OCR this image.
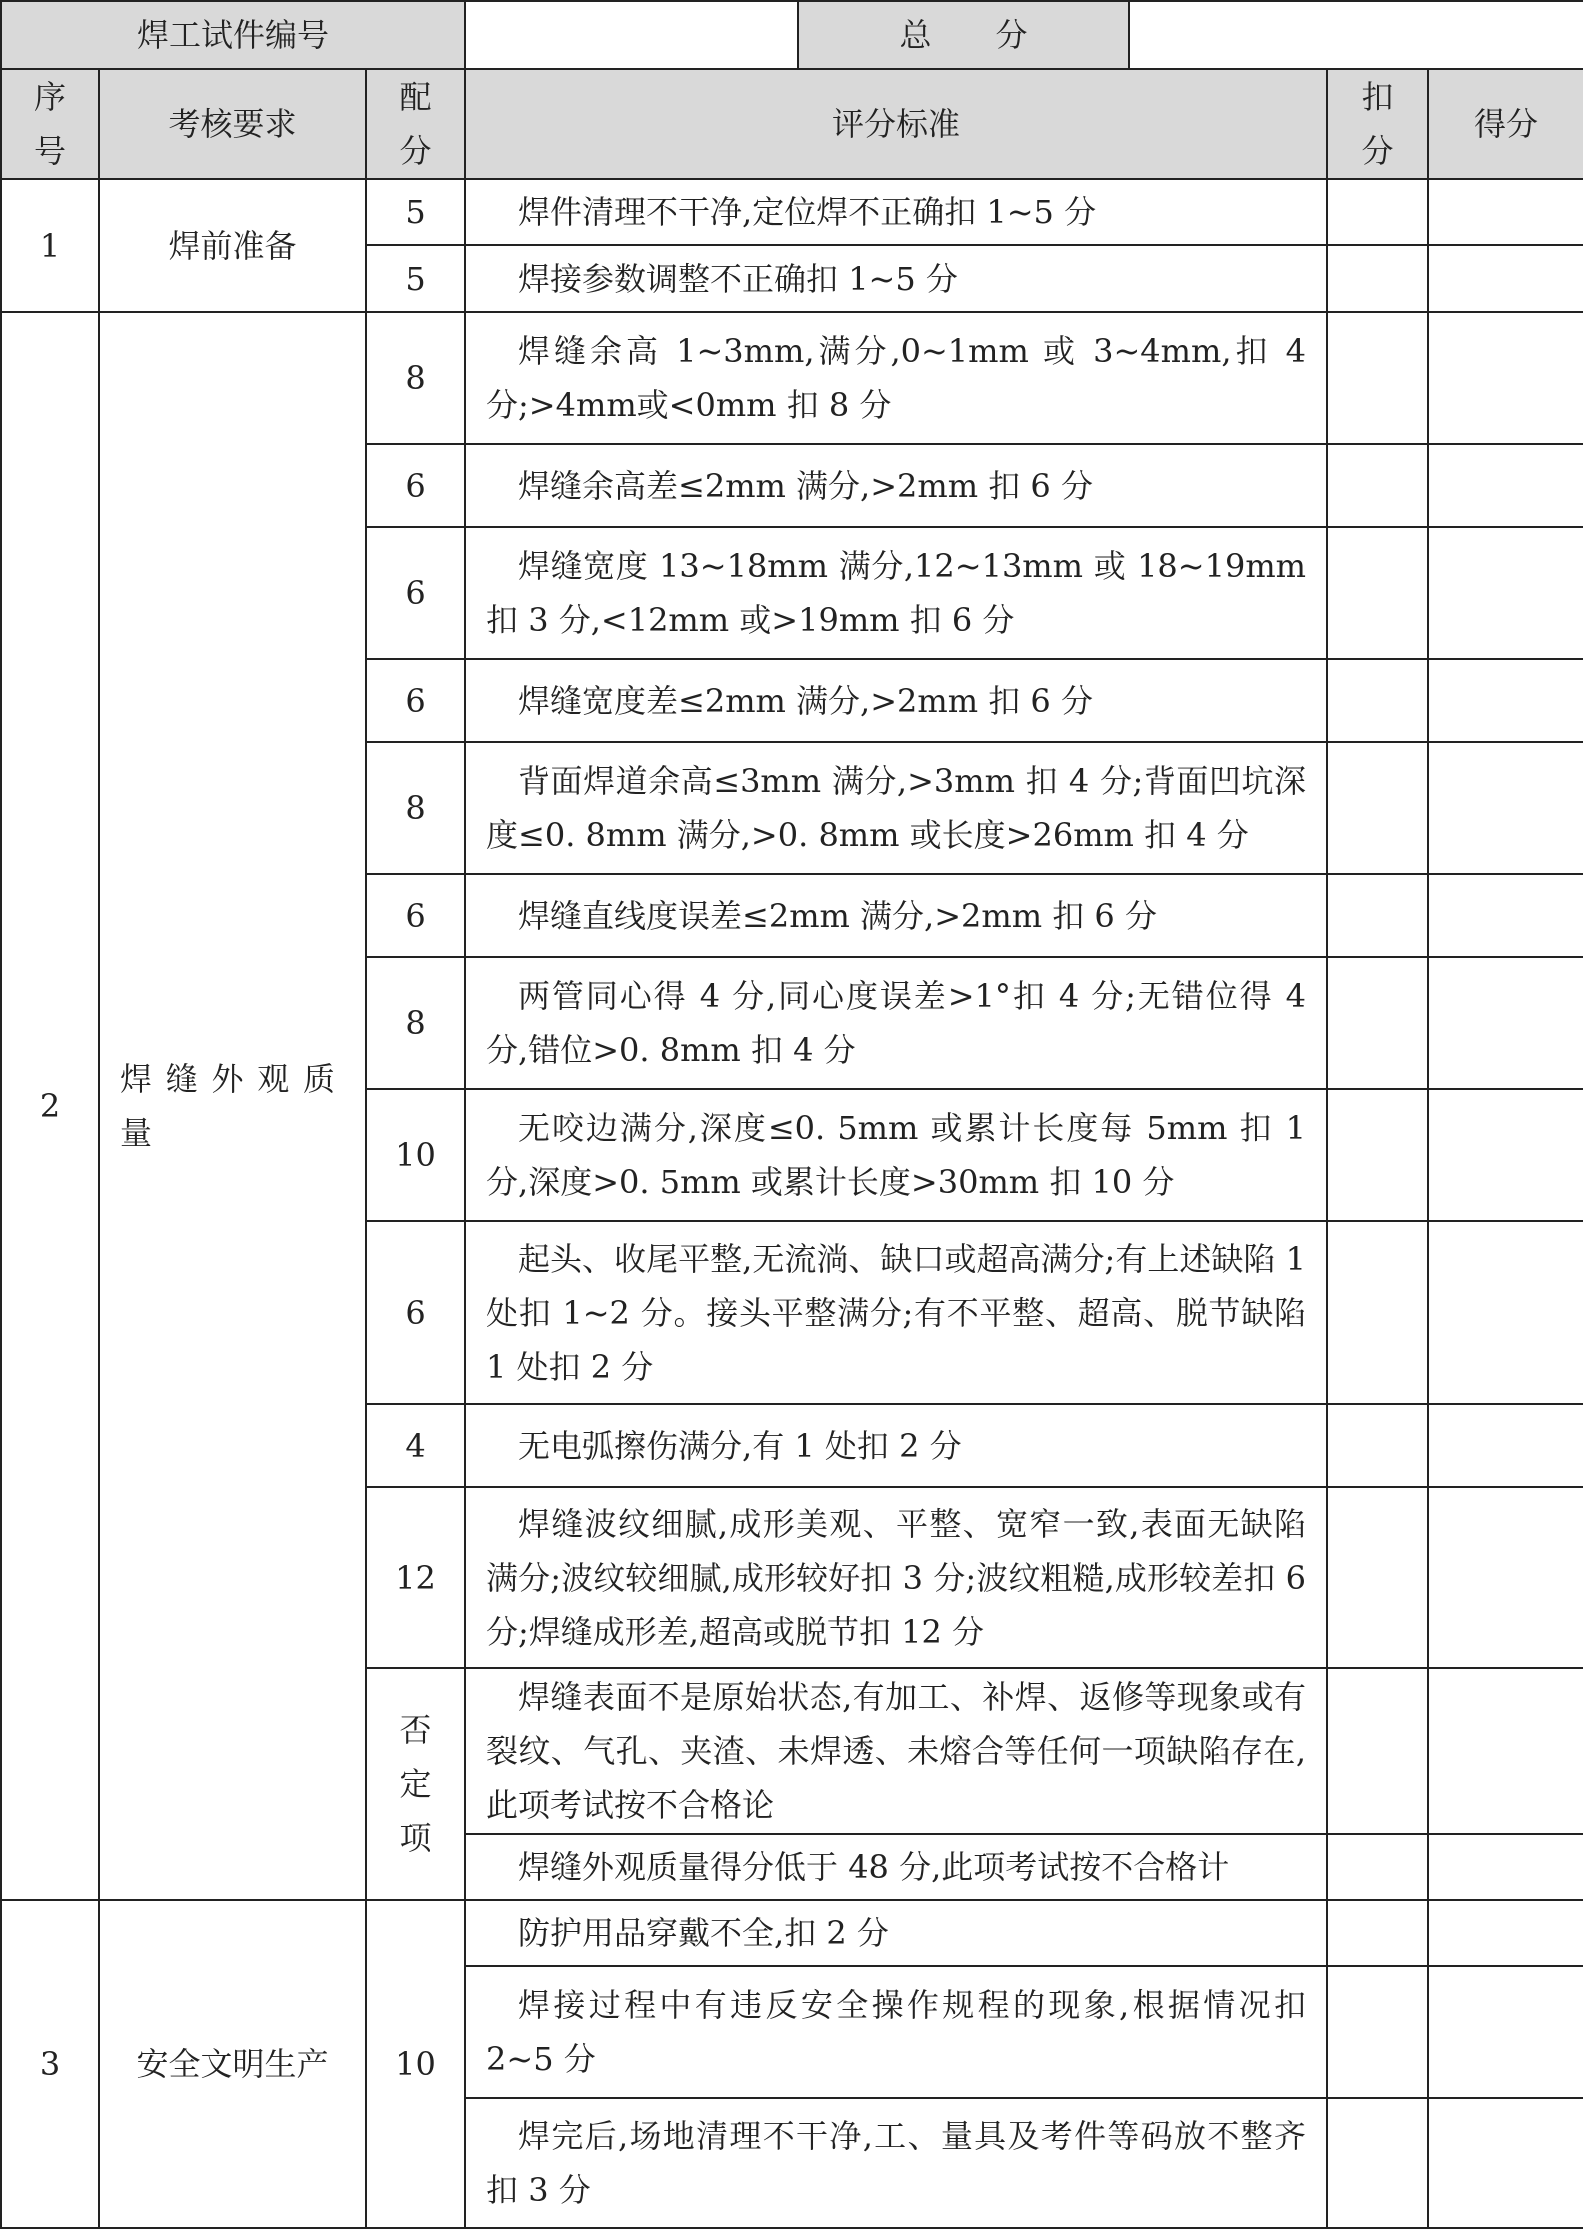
焊工试件编号			总　　分		

序号	考核要求	配分	评分标准	扣分	得分
1	焊前准备	5	焊件清理不干净,定位焊不正确扣 1~5 分		
		5	焊接参数调整不正确扣 1~5 分		
2	焊缝外观质量	8	焊缝余高 1~3mm,满分,0~1mm 或 3~4mm,扣 4 分;>4mm或<0mm 扣 8 分		
		6	焊缝余高差≤2mm 满分,>2mm 扣 6 分		
		6	焊缝宽度 13~18mm 满分,12~13mm 或 18~19mm 扣 3 分,<12mm 或>19mm 扣 6 分		
		6	焊缝宽度差≤2mm 满分,>2mm 扣 6 分		
		8	背面焊道余高≤3mm 满分,>3mm 扣 4 分;背面凹坑深度≤0. 8mm 满分,>0. 8mm 或长度>26mm 扣 4 分		
		6	焊缝直线度误差≤2mm 满分,>2mm 扣 6 分		
		8	两管同心得 4 分,同心度误差>1°扣 4 分;无错位得 4 分,错位>0. 8mm 扣 4 分		
		10	无咬边满分,深度≤0. 5mm 或累计长度每 5mm 扣 1 分,深度>0. 5mm 或累计长度>30mm 扣 10 分		
		6	起头、收尾平整,无流淌、缺口或超高满分;有上述缺陷 1 处扣 1~2 分。接头平整满分;有不平整、超高、脱节缺陷 1 处扣 2 分		
		4	无电弧擦伤满分,有 1 处扣 2 分		
		12	焊缝波纹细腻,成形美观、平整、宽窄一致,表面无缺陷满分;波纹较细腻,成形较好扣 3 分;波纹粗糙,成形较差扣 6 分;焊缝成形差,超高或脱节扣 12 分		
		否定项	焊缝表面不是原始状态,有加工、补焊、返修等现象或有裂纹、气孔、夹渣、未焊透、未熔合等任何一项缺陷存在,此项考试按不合格论		
			焊缝外观质量得分低于 48 分,此项考试按不合格计		
3	安全文明生产	10	防护用品穿戴不全,扣 2 分		
			焊接过程中有违反安全操作规程的现象,根据情况扣 2~5 分		
			焊完后,场地清理不干净,工、量具及考件等码放不整齐扣 3 分		
